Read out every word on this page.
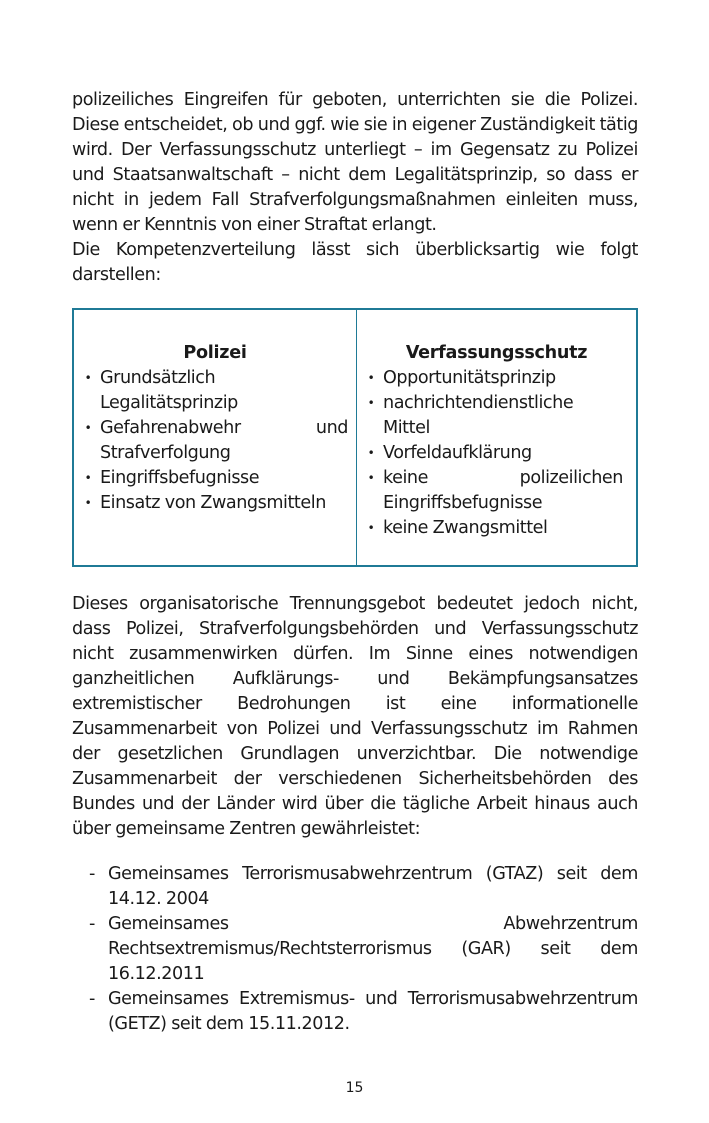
polizeiliches Eingreifen für geboten, unterrichten sie die Polizei. Diese entscheidet, ob und ggf. wie sie in eigener Zuständigkeit tätig wird. Der Verfassungsschutz unterliegt – im Gegensatz zu Polizei und Staatsanwaltschaft – nicht dem Legalitätsprinzip, so dass er nicht in jedem Fall Strafverfolgungsmaßnahmen einleiten muss, wenn er Kenntnis von einer Straftat erlangt.

Die Kompetenzverteilung lässt sich überblicksartig wie folgt darstellen:

Polizei
• Grundsätzlich Legalitätsprinzip
• Gefahrenabwehr und Strafverfolgung
• Eingriffsbefugnisse
• Einsatz von Zwangsmitteln
Verfassungsschutz
• Opportunitätsprinzip
• nachrichtendienstliche Mittel
• Vorfeldaufklärung
• keine polizeilichen Eingriffsbefugnisse
• keine Zwangsmittel

Dieses organisatorische Trennungsgebot bedeutet jedoch nicht, dass Polizei, Strafverfolgungsbehörden und Verfassungsschutz nicht zusammenwirken dürfen. Im Sinne eines notwendigen ganzheitlichen Aufklärungs- und Bekämpfungsansatzes extremistischer Bedrohungen ist eine informationelle Zusammenarbeit von Polizei und Verfassungsschutz im Rahmen der gesetzlichen Grundlagen unverzichtbar. Die notwendige Zusammenarbeit der verschiedenen Sicherheitsbehörden des Bundes und der Länder wird über die tägliche Arbeit hinaus auch über gemeinsame Zentren gewährleistet:

- Gemeinsames Terrorismusabwehrzentrum (GTAZ) seit dem 14.12. 2004
- Gemeinsames Abwehrzentrum Rechtsextremismus/Rechtsterrorismus (GAR) seit dem 16.12.2011
- Gemeinsames Extremismus- und Terrorismusabwehrzentrum (GETZ) seit dem 15.11.2012.
15
